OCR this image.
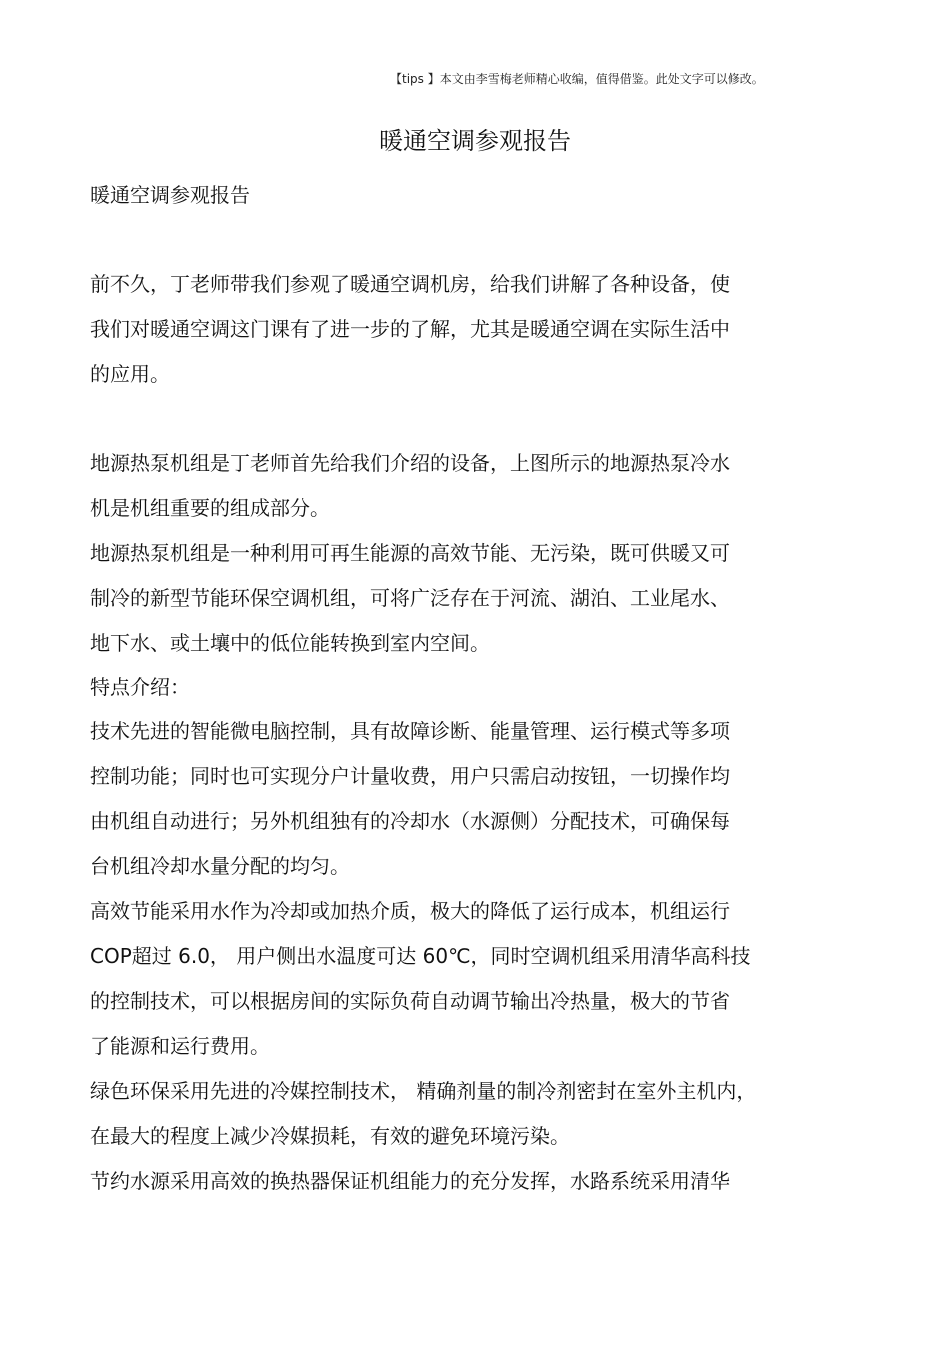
【tips 】本文由李雪梅老师精心收编，值得借鉴。此处文字可以修改。
暖通空调参观报告
暖通空调参观报告
前不久，丁老师带我们参观了暖通空调机房，给我们讲解了各种设备，使
我们对暖通空调这门课有了进一步的了解，尤其是暖通空调在实际生活中
的应用。
地源热泵机组是丁老师首先给我们介绍的设备，上图所示的地源热泵冷水
机是机组重要的组成部分。
地源热泵机组是一种利用可再生能源的高效节能、无污染，既可供暖又可
制冷的新型节能环保空调机组，可将广泛存在于河流、湖泊、工业尾水、
地下水、或土壤中的低位能转换到室内空间。
特点介绍：
技术先进的智能微电脑控制，具有故障诊断、能量管理、运行模式等多项
控制功能；同时也可实现分户计量收费，用户只需启动按钮，一切操作均
由机组自动进行；另外机组独有的冷却水（水源侧）分配技术，可确保每
台机组冷却水量分配的均匀。
高效节能采用水作为冷却或加热介质，极大的降低了运行成本，机组运行
COP超过 6.0， 用户侧出水温度可达 60℃，同时空调机组采用清华高科技
的控制技术，可以根据房间的实际负荷自动调节输出冷热量，极大的节省
了能源和运行费用。
绿色环保采用先进的冷媒控制技术， 精确剂量的制冷剂密封在室外主机内，
在最大的程度上减少冷媒损耗，有效的避免环境污染。
节约水源采用高效的换热器保证机组能力的充分发挥，水路系统采用清华
